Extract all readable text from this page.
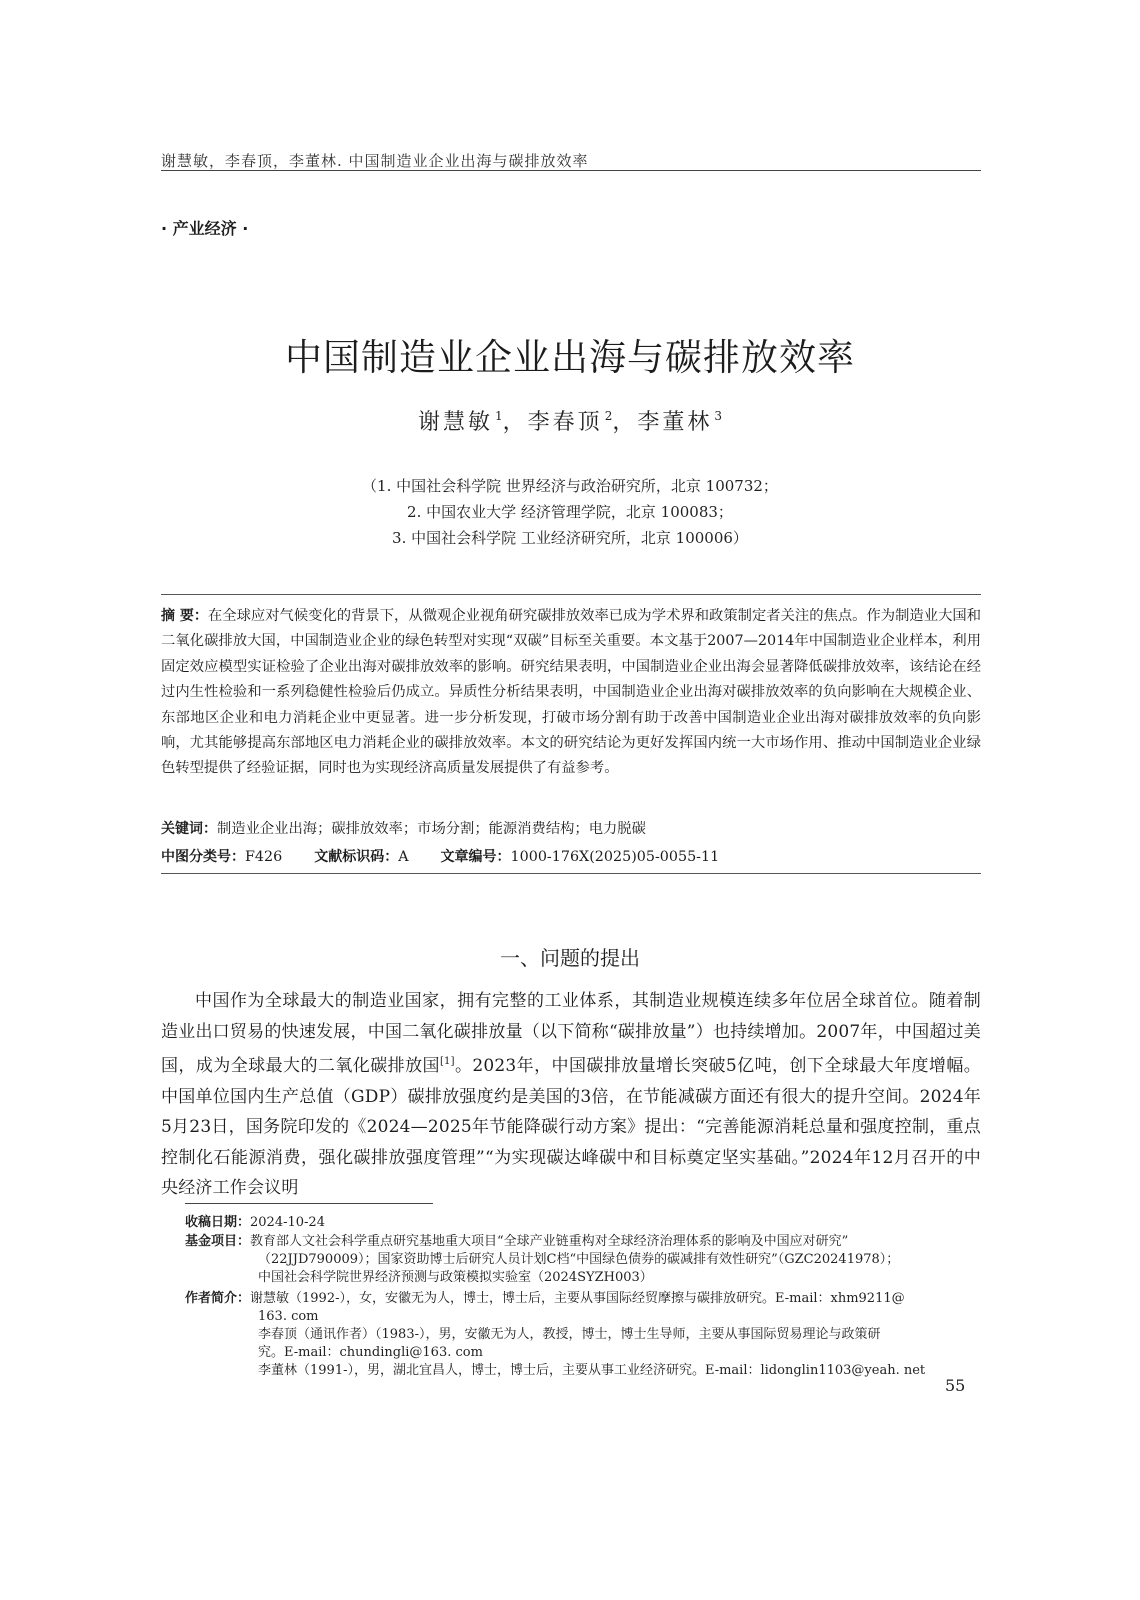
谢慧敏，李春顶，李董林. 中国制造业企业出海与碳排放效率
· 产业经济 ·
中国制造业企业出海与碳排放效率
谢慧敏 $^1$，李春顶 $^2$，李董林 $^3$
（1. 中国社会科学院 世界经济与政治研究所，北京 100732；
2. 中国农业大学 经济管理学院，北京 100083；
3. 中国社会科学院 工业经济研究所，北京 100006）
摘 要：在全球应对气候变化的背景下，从微观企业视角研究碳排放效率已成为学术界和政策制定者关注的焦点。作为制造业大国和二氧化碳排放大国，中国制造业企业的绿色转型对实现“双碳”目标至关重要。本文基于2007—2014年中国制造业企业样本，利用固定效应模型实证检验了企业出海对碳排放效率的影响。研究结果表明，中国制造业企业出海会显著降低碳排放效率，该结论在经过内生性检验和一系列稳健性检验后仍成立。异质性分析结果表明，中国制造业企业出海对碳排放效率的负向影响在大规模企业、东部地区企业和电力消耗企业中更显著。进一步分析发现，打破市场分割有助于改善中国制造业企业出海对碳排放效率的负向影响，尤其能够提高东部地区电力消耗企业的碳排放效率。本文的研究结论为更好发挥国内统一大市场作用、推动中国制造业企业绿色转型提供了经验证据，同时也为实现经济高质量发展提供了有益参考。
关键词：制造业企业出海；碳排放效率；市场分割；能源消费结构；电力脱碳
中图分类号：F426 文献标识码：A 文章编号：1000-176X(2025)05-0055-11
一、问题的提出
中国作为全球最大的制造业国家，拥有完整的工业体系，其制造业规模连续多年位居全球首位。随着制造业出口贸易的快速发展，中国二氧化碳排放量（以下简称“碳排放量”）也持续增加。2007年，中国超过美国，成为全球最大的二氧化碳排放国[1]。2023年，中国碳排放量增长突破5亿吨，创下全球最大年度增幅。中国单位国内生产总值（GDP）碳排放强度约是美国的3倍，在节能减碳方面还有很大的提升空间。2024年5月23日，国务院印发的《2024—2025年节能降碳行动方案》提出：“完善能源消耗总量和强度控制，重点控制化石能源消费，强化碳排放强度管理”“为实现碳达峰碳中和目标奠定坚实基础。”2024年12月召开的中央经济工作会议明
收稿日期：2024-10-24
基金项目：教育部人文社会科学重点研究基地重大项目“全球产业链重构对全球经济治理体系的影响及中国应对研究”
（22JJD790009）；国家资助博士后研究人员计划C档“中国绿色债券的碳减排有效性研究”（GZC20241978）；
中国社会科学院世界经济预测与政策模拟实验室（2024SYZH003）
作者简介：谢慧敏（1992-），女，安徽无为人，博士，博士后，主要从事国际经贸摩擦与碳排放研究。E-mail：xhm9211@
163. com
李春顶（通讯作者）（1983-），男，安徽无为人，教授，博士，博士生导师，主要从事国际贸易理论与政策研
究。E-mail：chundingli@163. com
李董林（1991-），男，湖北宜昌人，博士，博士后，主要从事工业经济研究。E-mail：lidonglin1103@yeah. net
55
